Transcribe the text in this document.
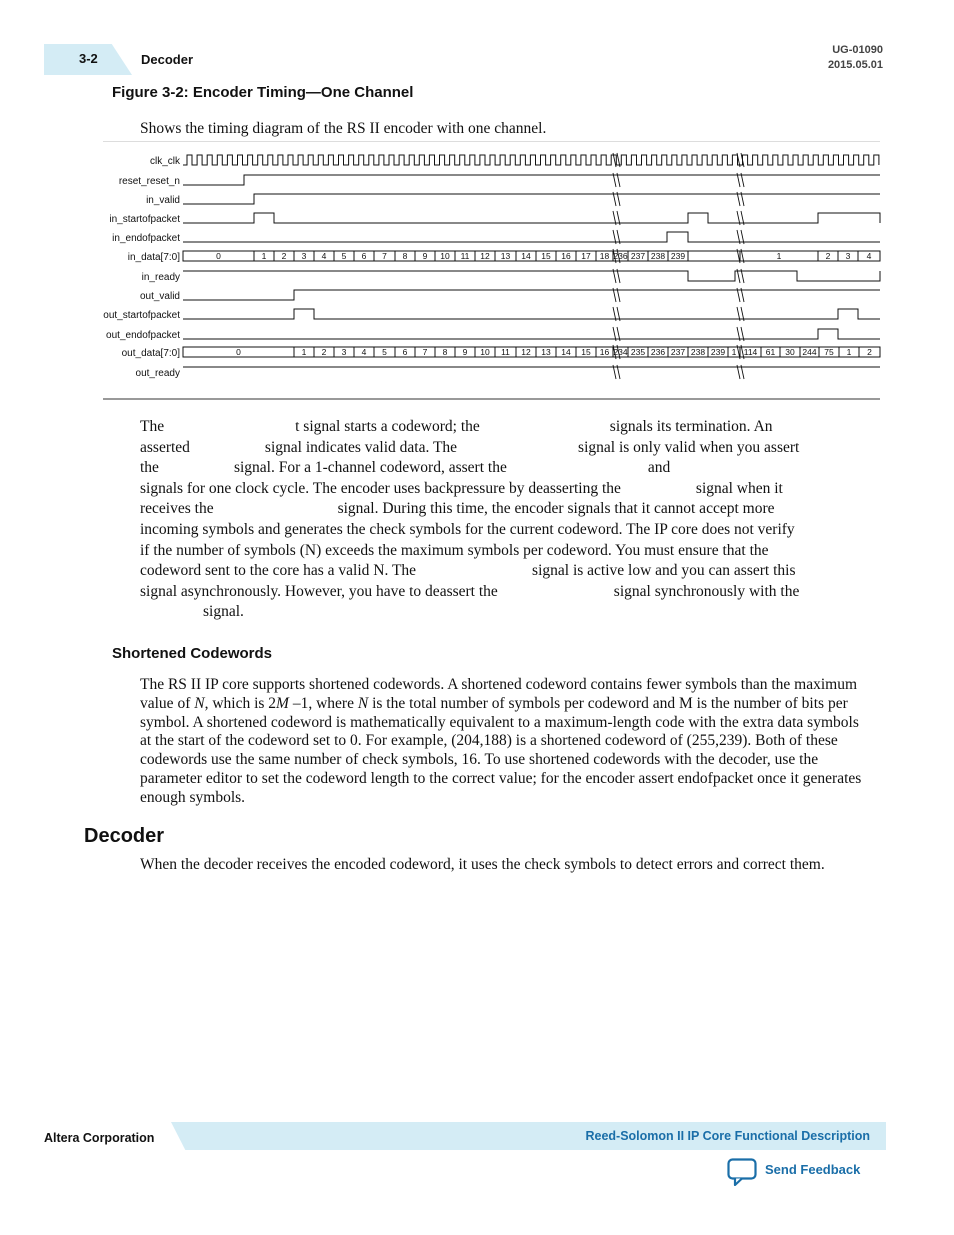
3-2	Decoder
UG-01090
2015.05.01
Figure 3-2: Encoder Timing—One Channel
Shows the timing diagram of the RS II encoder with one channel.
clk_clk
reset_reset_n
in_valid
in_startofpacket
in_endofpacket
in_data[7:0]
in_ready
out_valid
out_startofpacket
out_endofpacket
out_data[7:0]
out_ready
0	1 2 3 4 5 6 7 8 9 10 11 12 13 14 15 16 17 18 236 237 238 239	1	2 3 4
0	1 2 3 4 5 6 7 8 9 10 11 12 13 14 15 16 234 235 236 237 238 239 1 114 61 30 244 75 1 2
The	t signal starts a codeword; the	signals its termination. An
asserted	signal indicates valid data. The	signal is only valid when you assert
the	signal. For a 1-channel codeword, assert the	and
signals for one clock cycle. The encoder uses backpressure by deasserting the	signal when it
receives the	signal. During this time, the encoder signals that it cannot accept more
incoming symbols and generates the check symbols for the current codeword. The IP core does not verify
if the number of symbols (N) exceeds the maximum symbols per codeword. You must ensure that the
codeword sent to the core has a valid N. The	signal is active low and you can assert this
signal asynchronously. However, you have to deassert the	signal synchronously with the
signal.
Shortened Codewords

The RS II IP core supports shortened codewords. A shortened codeword contains fewer symbols than the maximum value of N, which is 2M –1, where N is the total number of symbols per codeword and M is the number of bits per symbol. A shortened codeword is mathematically equivalent to a maximum-length code with the extra data symbols at the start of the codeword set to 0. For example, (204,188) is a shortened codeword of (255,239). Both of these codewords use the same number of check symbols, 16. To use shortened codewords with the decoder, use the parameter editor to set the codeword length to the correct value; for the encoder assert endofpacket once it generates enough symbols.

Decoder

When the decoder receives the encoded codeword, it uses the check symbols to detect errors and correct them.

Altera Corporation	Reed-Solomon II IP Core Functional Description
Send Feedback
